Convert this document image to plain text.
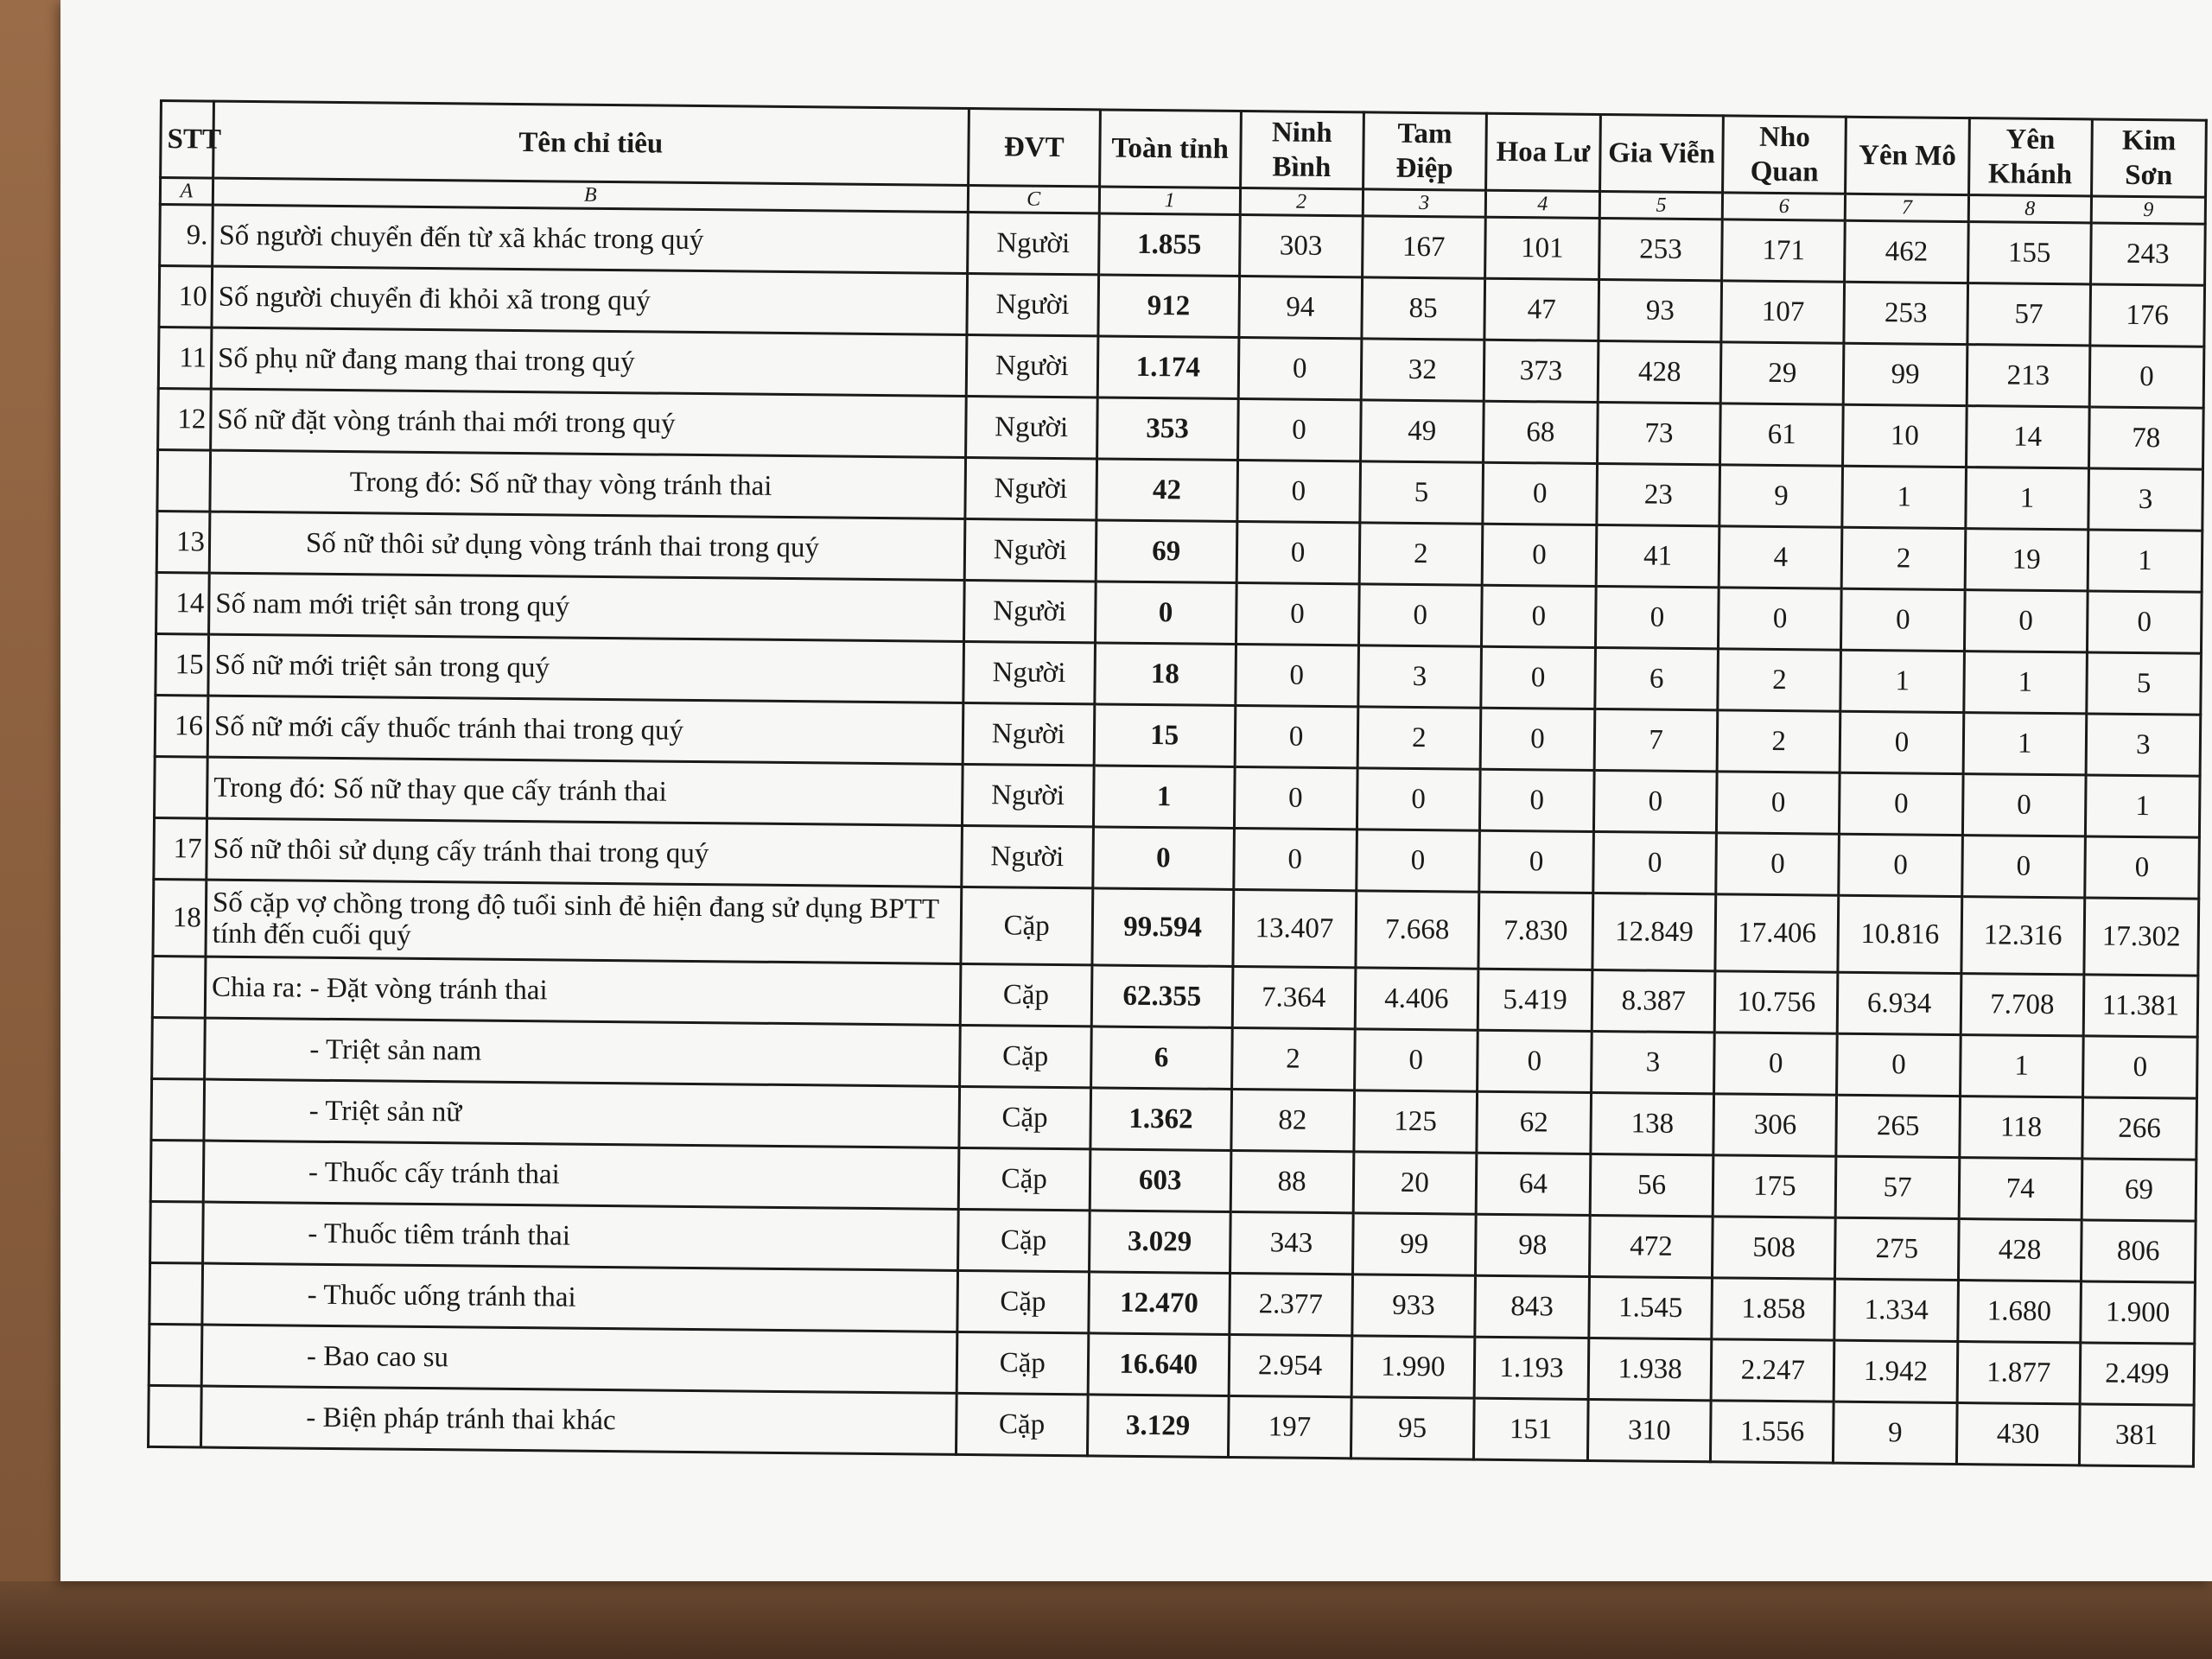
STT	Tên chỉ tiêu	ĐVT	Toàn tỉnh	Ninh Bình	Tam Điệp	Hoa Lư	Gia Viễn	Nho Quan	Yên Mô	Yên Khánh	Kim Sơn
A	B	C	1	2	3	4	5	6	7	8	9
9.	Số người chuyển đến từ xã khác trong quý	Người	1.855	303	167	101	253	171	462	155	243
10	Số người chuyển đi khỏi xã trong quý	Người	912	94	85	47	93	107	253	57	176
11	Số phụ nữ đang mang thai trong quý	Người	1.174	0	32	373	428	29	99	213	0
12	Số nữ đặt vòng tránh thai mới trong quý	Người	353	0	49	68	73	61	10	14	78
	Trong đó: Số nữ thay vòng tránh thai	Người	42	0	5	0	23	9	1	1	3
13	Số nữ thôi sử dụng vòng tránh thai trong quý	Người	69	0	2	0	41	4	2	19	1
14	Số nam mới triệt sản trong quý	Người	0	0	0	0	0	0	0	0	0
15	Số nữ mới triệt sản trong quý	Người	18	0	3	0	6	2	1	1	5
16	Số nữ mới cấy thuốc tránh thai trong quý	Người	15	0	2	0	7	2	0	1	3
	Trong đó: Số nữ thay que cấy tránh thai	Người	1	0	0	0	0	0	0	0	1
17	Số nữ thôi sử dụng cấy tránh thai trong quý	Người	0	0	0	0	0	0	0	0	0
18	Số cặp vợ chồng trong độ tuổi sinh đẻ hiện đang sử dụng BPTT tính đến cuối quý	Cặp	99.594	13.407	7.668	7.830	12.849	17.406	10.816	12.316	17.302
	Chia ra: - Đặt vòng tránh thai	Cặp	62.355	7.364	4.406	5.419	8.387	10.756	6.934	7.708	11.381
	- Triệt sản nam	Cặp	6	2	0	0	3	0	0	1	0
	- Triệt sản nữ	Cặp	1.362	82	125	62	138	306	265	118	266
	- Thuốc cấy tránh thai	Cặp	603	88	20	64	56	175	57	74	69
	- Thuốc tiêm tránh thai	Cặp	3.029	343	99	98	472	508	275	428	806
	- Thuốc uống tránh thai	Cặp	12.470	2.377	933	843	1.545	1.858	1.334	1.680	1.900
	- Bao cao su	Cặp	16.640	2.954	1.990	1.193	1.938	2.247	1.942	1.877	2.499
	- Biện pháp tránh thai khác	Cặp	3.129	197	95	151	310	1.556	9	430	381
